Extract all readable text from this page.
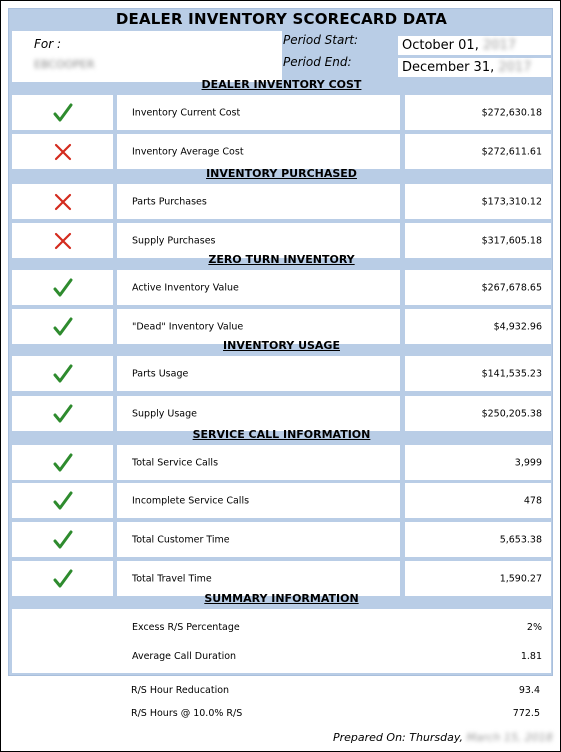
DEALER INVENTORY SCORECARD DATA
For :
EBCOOPER
Period Start:	October 01, 2017
Period End:	December 31, 2017
DEALER INVENTORY COST
Inventory Current Cost	$272,630.18
Inventory Average Cost	$272,611.61
INVENTORY PURCHASED
Parts Purchases	$173,310.12
Supply Purchases	$317,605.18
ZERO TURN INVENTORY
Active Inventory Value	$267,678.65
"Dead" Inventory Value	$4,932.96
INVENTORY USAGE
Parts Usage	$141,535.23
Supply Usage	$250,205.38
SERVICE CALL INFORMATION
Total Service Calls	3,999
Incomplete Service Calls	478
Total Customer Time	5,653.38
Total Travel Time	1,590.27
SUMMARY INFORMATION
Excess R/S Percentage	2%
Average Call Duration	1.81
R/S Hour Reducation	93.4
R/S Hours @ 10.0% R/S	772.5
Prepared On: Thursday, March 15, 2018
